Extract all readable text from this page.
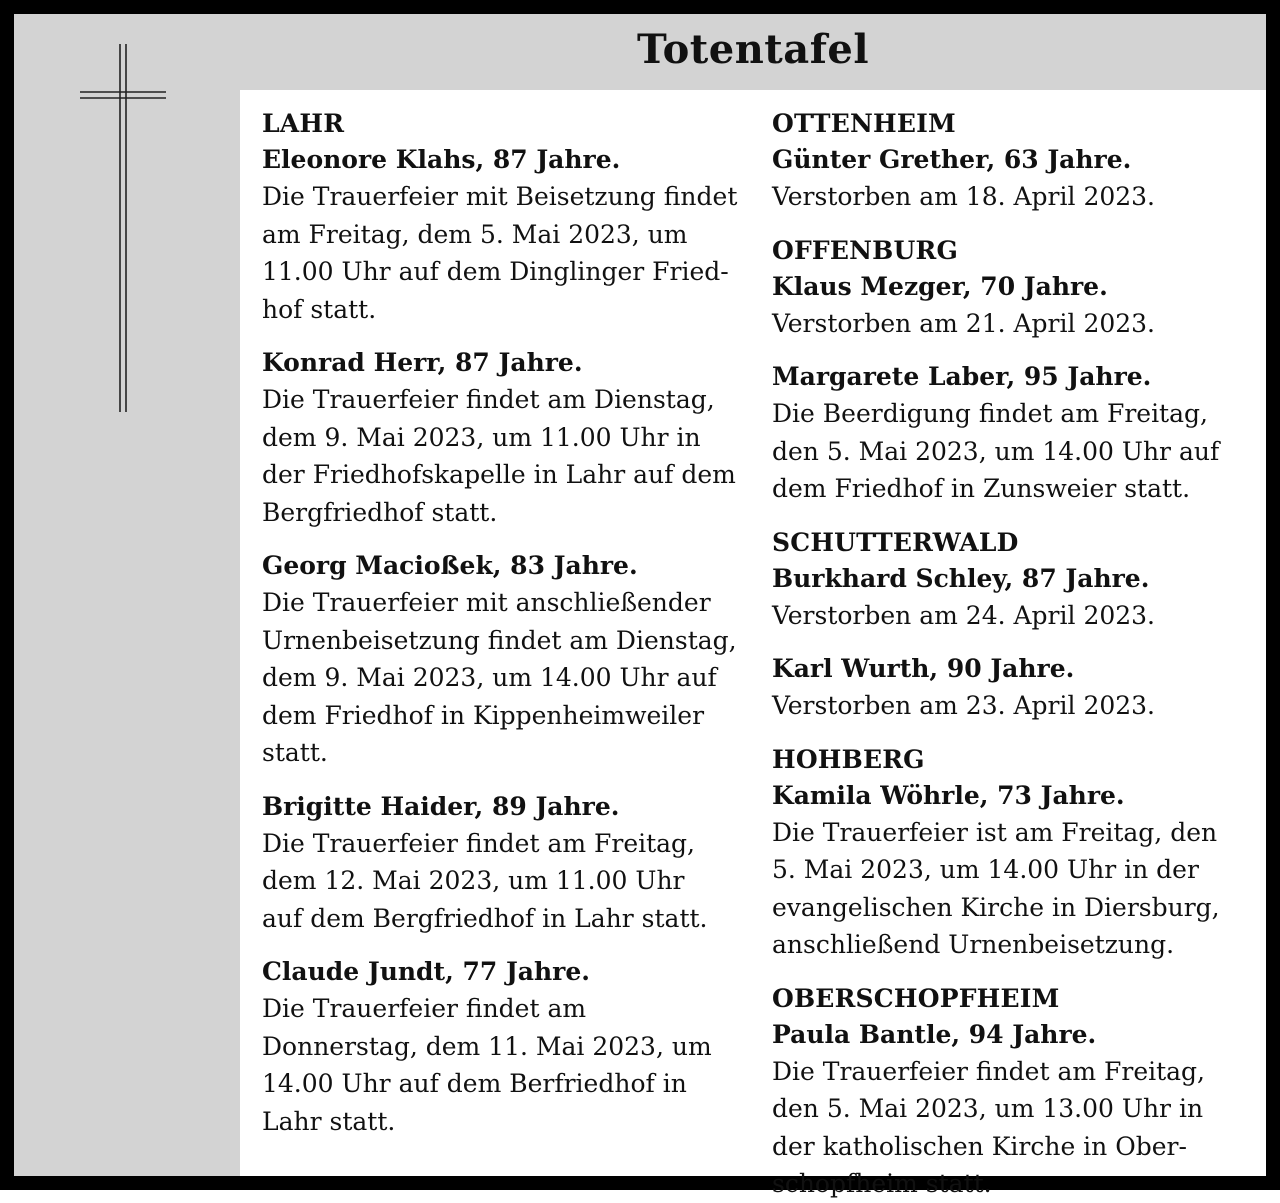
Totentafel
LAHR
Eleonore Klahs, 87 Jahre.
Die Trauerfeier mit Beisetzung findet
am Freitag, dem 5. Mai 2023, um
11.00 Uhr auf dem Dinglinger Fried-
hof statt.
Konrad Herr, 87 Jahre.
Die Trauerfeier findet am Dienstag,
dem 9. Mai 2023, um 11.00 Uhr in
der Friedhofskapelle in Lahr auf dem
Bergfriedhof statt.
Georg Macioßek, 83 Jahre.
Die Trauerfeier mit anschließender
Urnenbeisetzung findet am Dienstag,
dem 9. Mai 2023, um 14.00 Uhr auf
dem Friedhof in Kippenheimweiler
statt.
Brigitte Haider, 89 Jahre.
Die Trauerfeier findet am Freitag,
dem 12. Mai 2023, um 11.00 Uhr
auf dem Bergfriedhof in Lahr statt.
Claude Jundt, 77 Jahre.
Die Trauerfeier findet am
Donnerstag, dem 11. Mai 2023, um
14.00 Uhr auf dem Berfriedhof in
Lahr statt.
OTTENHEIM
Günter Grether, 63 Jahre.
Verstorben am 18. April 2023.
OFFENBURG
Klaus Mezger, 70 Jahre.
Verstorben am 21. April 2023.
Margarete Laber, 95 Jahre.
Die Beerdigung findet am Freitag,
den 5. Mai 2023, um 14.00 Uhr auf
dem Friedhof in Zunsweier statt.
SCHUTTERWALD
Burkhard Schley, 87 Jahre.
Verstorben am 24. April 2023.
Karl Wurth, 90 Jahre.
Verstorben am 23. April 2023.
HOHBERG
Kamila Wöhrle, 73 Jahre.
Die Trauerfeier ist am Freitag, den
5. Mai 2023, um 14.00 Uhr in der
evangelischen Kirche in Diersburg,
anschließend Urnenbeisetzung.
OBERSCHOPFHEIM
Paula Bantle, 94 Jahre.
Die Trauerfeier findet am Freitag,
den 5. Mai 2023, um 13.00 Uhr in
der katholischen Kirche in Ober-
schopfheim statt.
